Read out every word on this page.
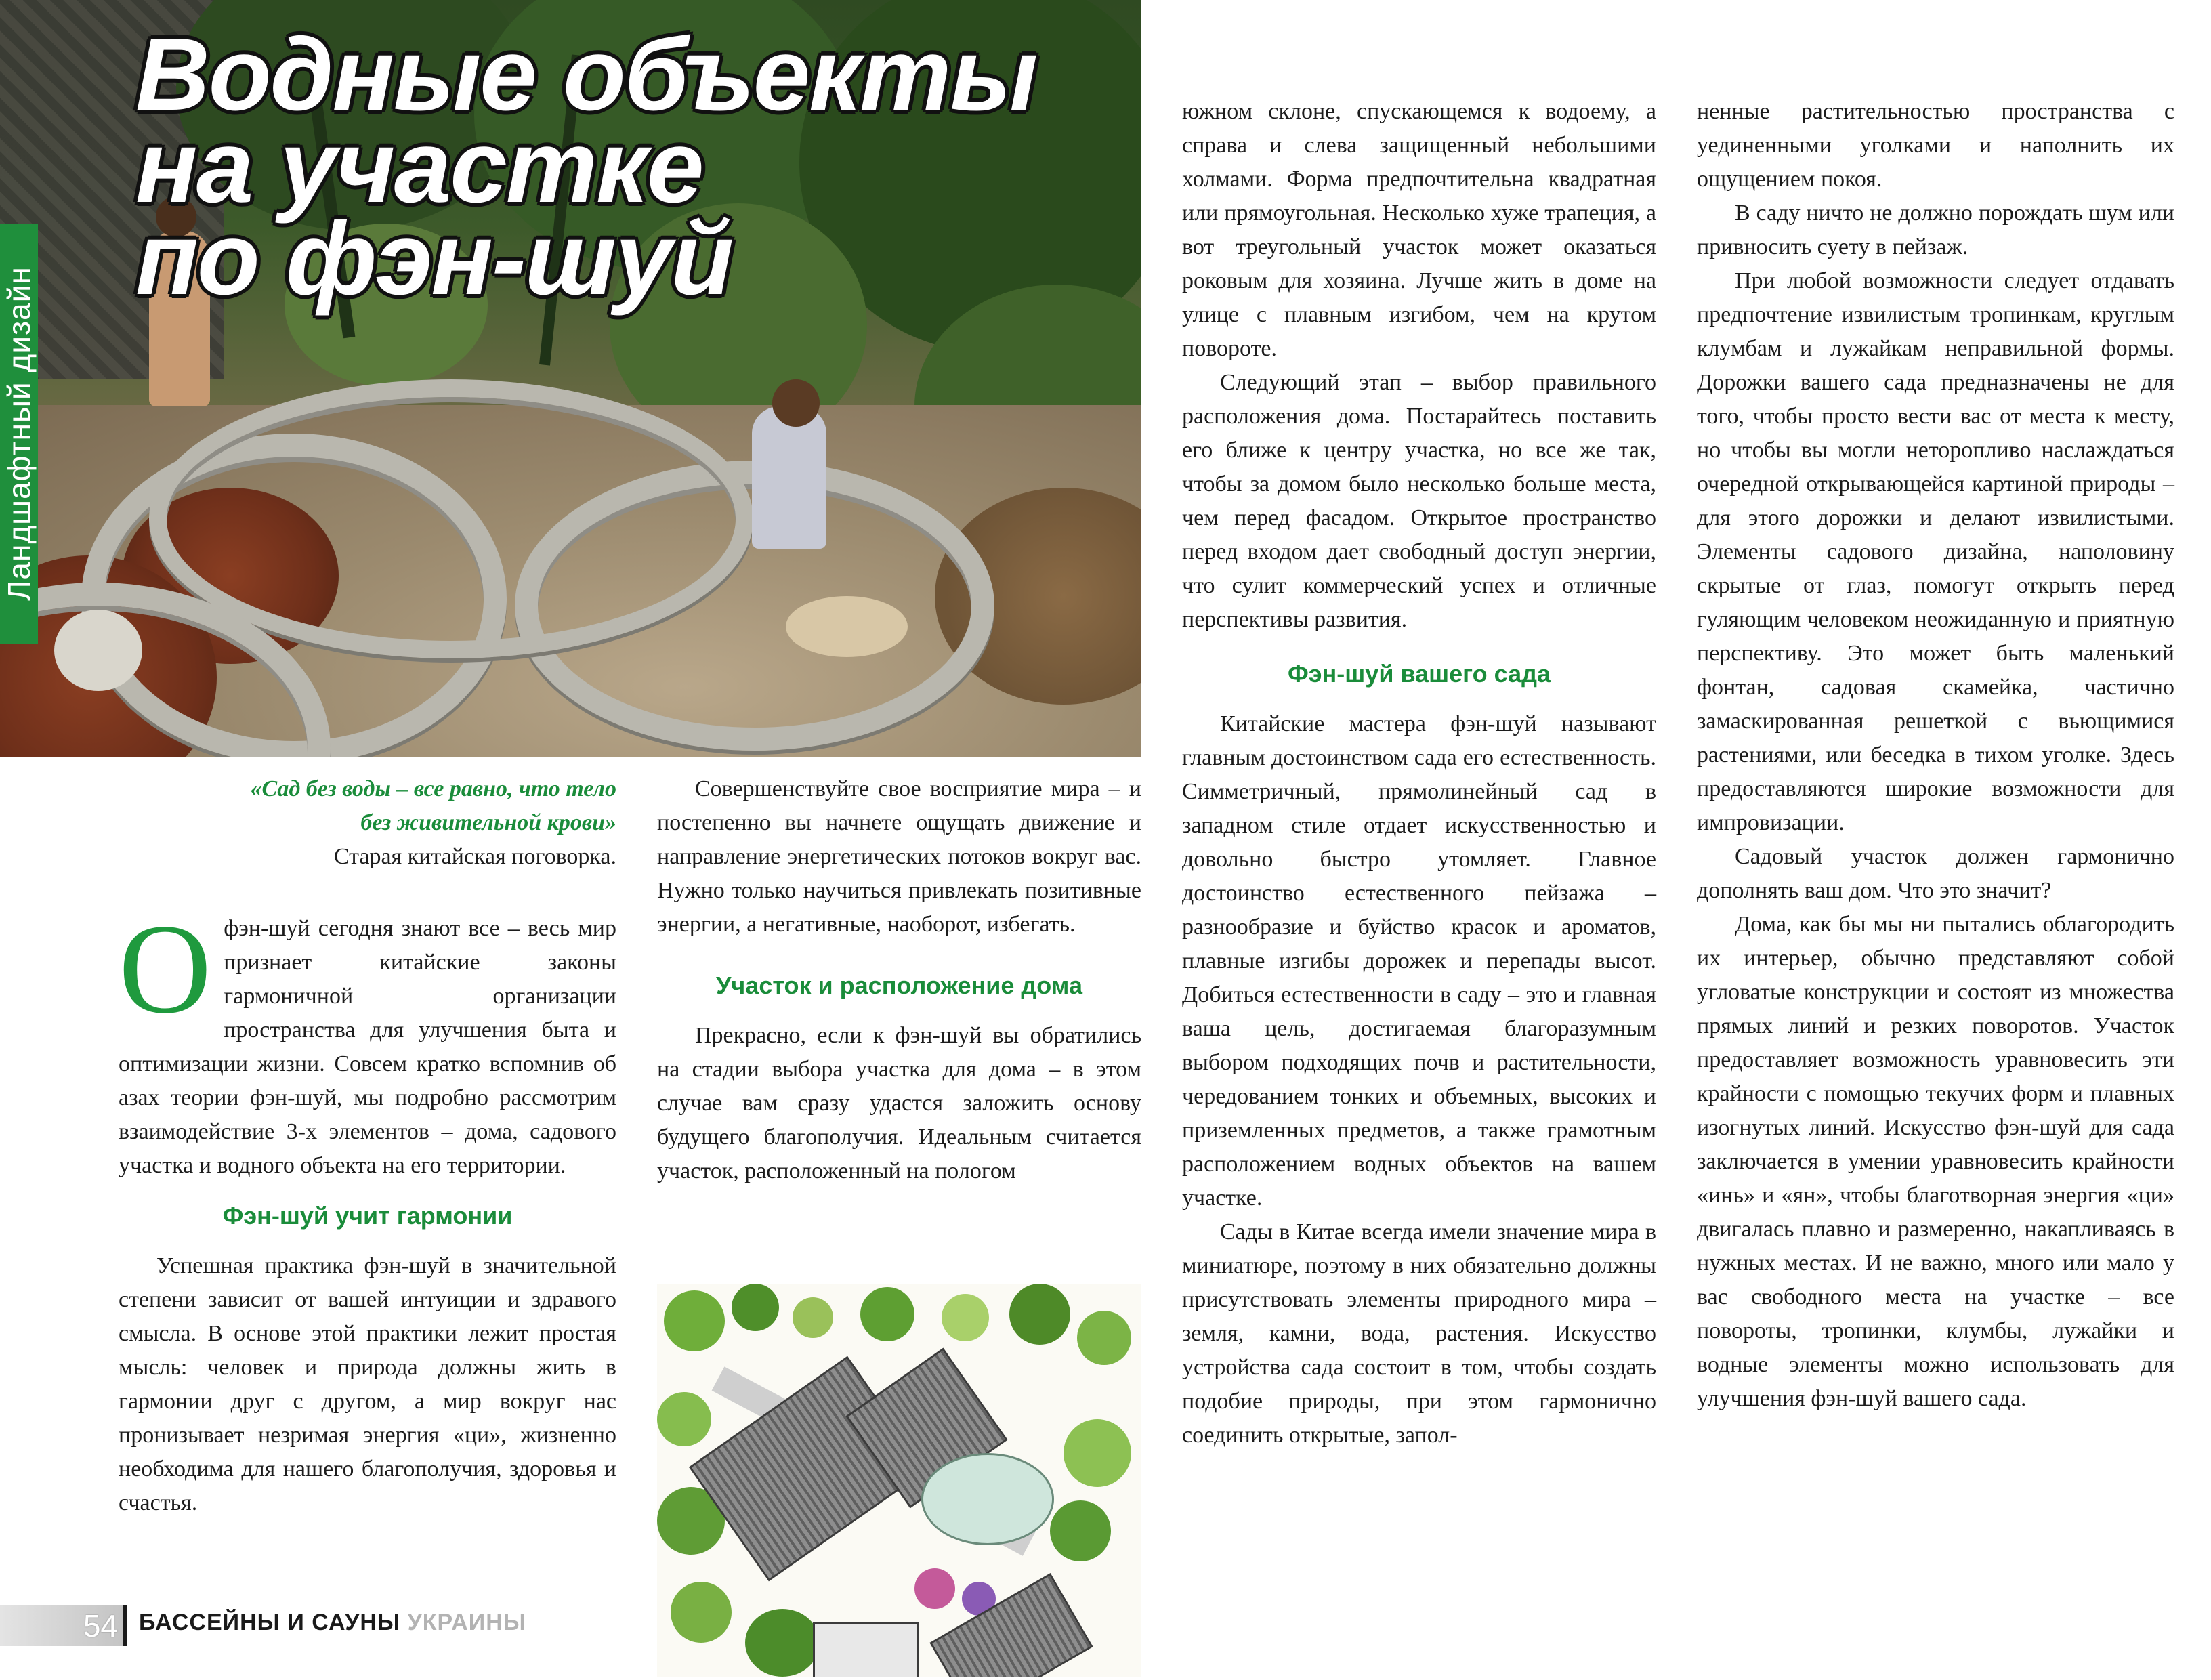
Ландшафтный дизайн
Водные объекты
на участке
по фэн-шуй
«Сад без воды – все равно, что тело
без живительной крови»
Старая китайская поговорка.

Офэн-шуй сегодня знают все – весь мир признает китайские законы гармоничной организации пространства для улучшения быта и оптимизации жизни. Совсем кратко вспомнив об азах теории фэн-шуй, мы подробно рассмотрим взаимодействие 3-х элементов – дома, садового участка и водного объекта на его территории.

Фэн-шуй учит гармонии

Успешная практика фэн-шуй в значительной степени зависит от вашей интуиции и здравого смысла. В основе этой практики лежит простая мысль: человек и природа должны жить в гармонии друг с другом, а мир вокруг нас пронизывает незримая энергия «ци», жизненно необходима для нашего благополучия, здоровья и счастья.

Совершенствуйте свое восприятие мира – и постепенно вы начнете ощущать движение и направление энергетических потоков вокруг вас. Нужно только научиться привлекать позитивные энергии, а негативные, наоборот, избегать.

Участок и расположение дома

Прекрасно, если к фэн-шуй вы обратились на стадии выбора участка для дома – в этом случае вам сразу удастся заложить основу будущего благополучия. Идеальным считается участок, расположенный на пологом

южном склоне, спускающемся к водоему, а справа и слева защищенный небольшими холмами. Форма предпочтительна квадратная или прямоугольная. Несколько хуже трапеция, а вот треугольный участок может оказаться роковым для хозяина. Лучше жить в доме на улице с плавным изгибом, чем на крутом повороте.

Следующий этап – выбор правильного расположения дома. Постарайтесь поставить его ближе к центру участка, но все же так, чтобы за домом было несколько больше места, чем перед фасадом. Открытое пространство перед входом дает свободный доступ энергии, что сулит коммерческий успех и отличные перспективы развития.

Фэн-шуй вашего сада

Китайские мастера фэн-шуй называют главным достоинством сада его естественность. Симметричный, прямолинейный сад в западном стиле отдает искусственностью и довольно быстро утомляет. Главное достоинство естественного пейзажа – разнообразие и буйство красок и ароматов, плавные изгибы дорожек и перепады высот. Добиться естественности в саду – это и главная ваша цель, достигаемая благоразумным выбором подходящих почв и растительности, чередованием тонких и объемных, высоких и приземленных предметов, а также грамотным расположением водных объектов на вашем участке.

Сады в Китае всегда имели значение мира в миниатюре, поэтому в них обязательно должны присутствовать элементы природного мира – земля, камни, вода, растения. Искусство устройства сада состоит в том, чтобы создать подобие природы, при этом гармонично соединить открытые, запол-

ненные растительностью пространства с уединенными уголками и наполнить их ощущением покоя.

В саду ничто не должно порождать шум или привносить суету в пейзаж.

При любой возможности следует отдавать предпочтение извилистым тропинкам, круглым клумбам и лужайкам неправильной формы. Дорожки вашего сада предназначены не для того, чтобы просто вести вас от места к месту, но чтобы вы могли неторопливо наслаждаться очередной открывающейся картиной природы – для этого дорожки и делают извилистыми. Элементы садового дизайна, наполовину скрытые от глаз, помогут открыть перед гуляющим человеком неожиданную и приятную перспективу. Это может быть маленький фонтан, садовая скамейка, частично замаскированная решеткой с вьющимися растениями, или беседка в тихом уголке. Здесь предоставляются широкие возможности для импровизации.

Садовый участок должен гармонично дополнять ваш дом. Что это значит?

Дома, как бы мы ни пытались облагородить их интерьер, обычно представляют собой угловатые конструкции и состоят из множества прямых линий и резких поворотов. Участок предоставляет возможность уравновесить эти крайности с помощью текучих форм и плавных изогнутых линий. Искусство фэн-шуй для сада заключается в умении уравновесить крайности «инь» и «ян», чтобы благотворная энергия «ци» двигалась плавно и размеренно, накапливаясь в нужных местах. И не важно, много или мало у вас свободного места на участке – все повороты, тропинки, клумбы, лужайки и водные элементы можно использовать для улучшения фэн-шуй вашего сада.

54 БАССЕЙНЫ И САУНЫ УКРАИНЫ
